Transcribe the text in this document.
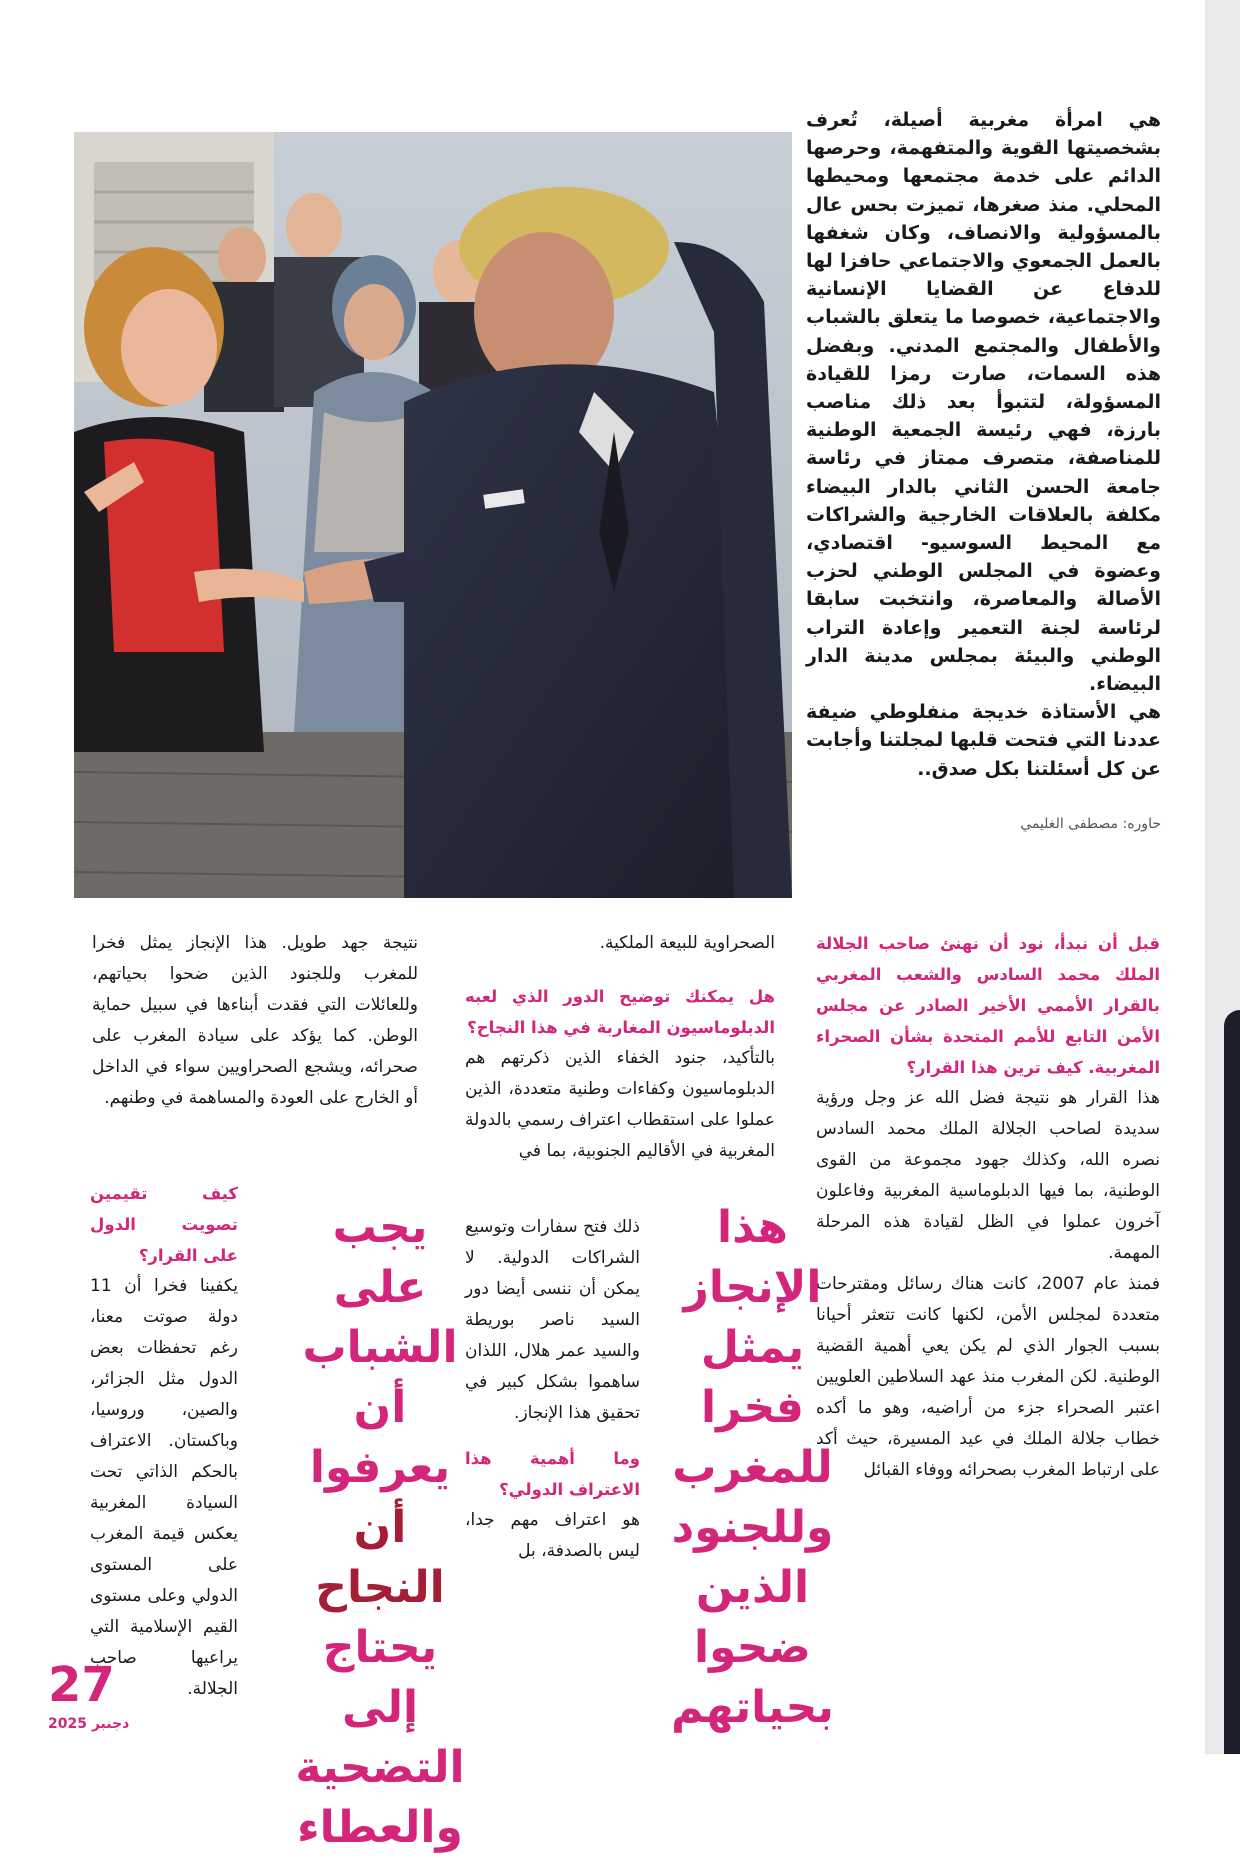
هي امرأة مغربية أصيلة، تُعرف بشخصيتها القوية والمتفهمة، وحرصها الدائم على خدمة مجتمعها ومحيطها المحلي. منذ صغرها، تميزت بحس عال بالمسؤولية والانصاف، وكان شغفها بالعمل الجمعوي والاجتماعي حافزا لها للدفاع عن القضايا الإنسانية والاجتماعية، خصوصا ما يتعلق بالشباب والأطفال والمجتمع المدني. وبفضل هذه السمات، صارت رمزا للقيادة المسؤولة، لتتبوأ بعد ذلك مناصب بارزة، فهي رئيسة الجمعية الوطنية للمناصفة، متصرف ممتاز في رئاسة جامعة الحسن الثاني بالدار البيضاء مكلفة بالعلاقات الخارجية والشراكات مع المحيط السوسيو- اقتصادي، وعضوة في المجلس الوطني لحزب الأصالة والمعاصرة، وانتخبت سابقا لرئاسة لجنة التعمير وإعادة التراب الوطني والبيئة بمجلس مدينة الدار البيضاء.

هي الأستاذة خديجة منفلوطي ضيفة عددنا التي فتحت قلبها لمجلتنا وأجابت عن كل أسئلتنا بكل صدق..

حاوره: مصطفى الغليمي

قبل أن نبدأ، نود أن نهنئ صاحب الجلالة الملك محمد السادس والشعب المغربي بالقرار الأممي الأخير الصادر عن مجلس الأمن التابع للأمم المتحدة بشأن الصحراء المغربية. كيف ترين هذا القرار؟

هذا القرار هو نتيجة فضل الله عز وجل ورؤية سديدة لصاحب الجلالة الملك محمد السادس نصره الله، وكذلك جهود مجموعة من القوى الوطنية، بما فيها الدبلوماسية المغربية وفاعلون آخرون عملوا في الظل لقيادة هذه المرحلة المهمة.

فمنذ عام 2007، كانت هناك رسائل ومقترحات متعددة لمجلس الأمن، لكنها كانت تتعثر أحيانا بسبب الجوار الذي لم يكن يعي أهمية القضية الوطنية. لكن المغرب منذ عهد السلاطين العلويين اعتبر الصحراء جزء من أراضيه، وهو ما أكده خطاب جلالة الملك في عيد المسيرة، حيث أكد على ارتباط المغرب بصحرائه ووفاء القبائل

الصحراوية للبيعة الملكية.

هل يمكنك توضيح الدور الذي لعبه الدبلوماسيون المغاربة في هذا النجاح؟

بالتأكيد، جنود الخفاء الذين ذكرتهم هم الدبلوماسيون وكفاءات وطنية متعددة، الذين عملوا على استقطاب اعتراف رسمي بالدولة المغربية في الأقاليم الجنوبية، بما في

ذلك فتح سفارات وتوسيع الشراكات الدولية. لا يمكن أن ننسى أيضا دور السيد ناصر بوريطة والسيد عمر هلال، اللذان ساهموا بشكل كبير في تحقيق هذا الإنجاز.

وما أهمية هذا الاعتراف الدولي؟

هو اعتراف مهم جدا، ليس بالصدفة، بل

نتيجة جهد طويل. هذا الإنجاز يمثل فخرا للمغرب وللجنود الذين ضحوا بحياتهم، وللعائلات التي فقدت أبناءها في سبيل حماية الوطن. كما يؤكد على سيادة المغرب على صحرائه، ويشجع الصحراويين سواء في الداخل أو الخارج على العودة والمساهمة في وطنهم.

كيف تقيمين تصويت الدول على القرار؟

يكفينا فخرا أن 11 دولة صوتت معنا، رغم تحفظات بعض الدول مثل الجزائر، والصين، وروسيا، وباكستان. الاعتراف بالحكم الذاتي تحت السيادة المغربية يعكس قيمة المغرب على المستوى الدولي وعلى مستوى القيم الإسلامية التي يراعيها صاحب الجلالة.

هذا الإنجاز يمثل فخرا للمغرب وللجنود الذين ضحوا بحياتهم
يجب على الشباب أن يعرفوا أن النجاح يحتاج إلى التضحية والعطاء
27
دجنبر 2025
